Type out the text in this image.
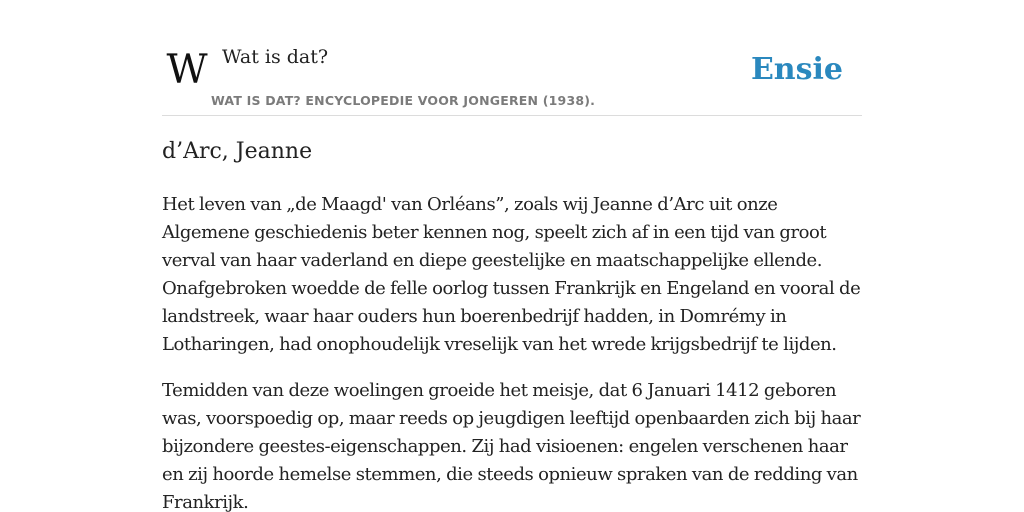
W Wat is dat?
WAT IS DAT? ENCYCLOPEDIE VOOR JONGEREN (1938).
Ensie
d’Arc, Jeanne

Het leven van „de Maagd' van Orléans”, zoals wij Jeanne d’Arc uit onze Algemene geschiedenis beter kennen nog, speelt zich af in een tijd van groot verval van haar vaderland en diepe geestelijke en maatschappelijke ellende. Onafgebroken woedde de felle oorlog tussen Frankrijk en Engeland en vooral de landstreek, waar haar ouders hun boerenbedrijf hadden, in Domrémy in Lotharingen, had onophoudelijk vreselijk van het wrede krijgsbedrijf te lijden.

Temidden van deze woelingen groeide het meisje, dat 6 Januari 1412 geboren was, voorspoedig op, maar reeds op jeugdigen leeftijd openbaarden zich bij haar bijzondere geestes-eigenschappen. Zij had visioenen: engelen verschenen haar en zij hoorde hemelse stemmen, die steeds opnieuw spraken van de redding van Frankrijk.
